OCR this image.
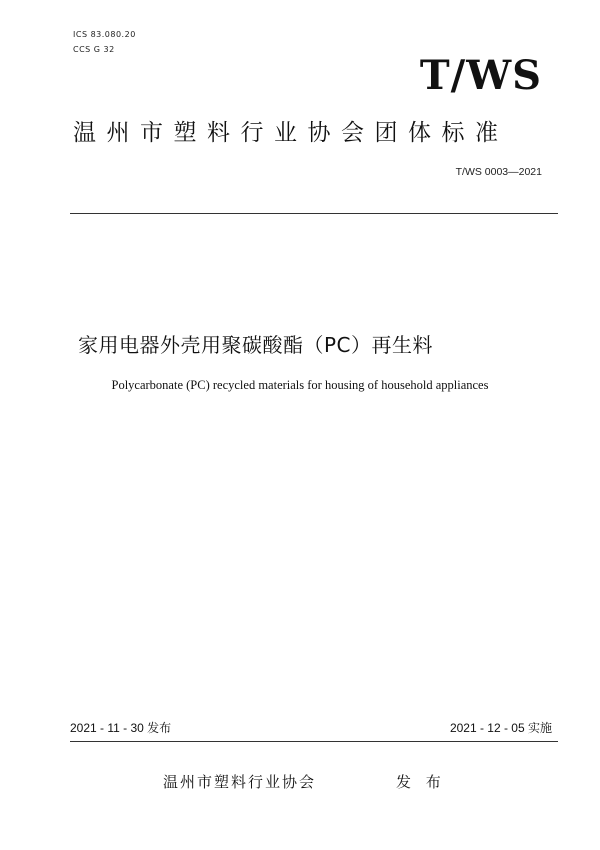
ICS 83.080.20
CCS G 32
T/WS
温州市塑料行业协会团体标准
T/WS 0003—2021
家用电器外壳用聚碳酸酯（PC）再生料
Polycarbonate (PC) recycled materials for housing of household appliances
2021 - 11 - 30 发布	2021 - 12 - 05 实施
温州市塑料行业协会	发 布
